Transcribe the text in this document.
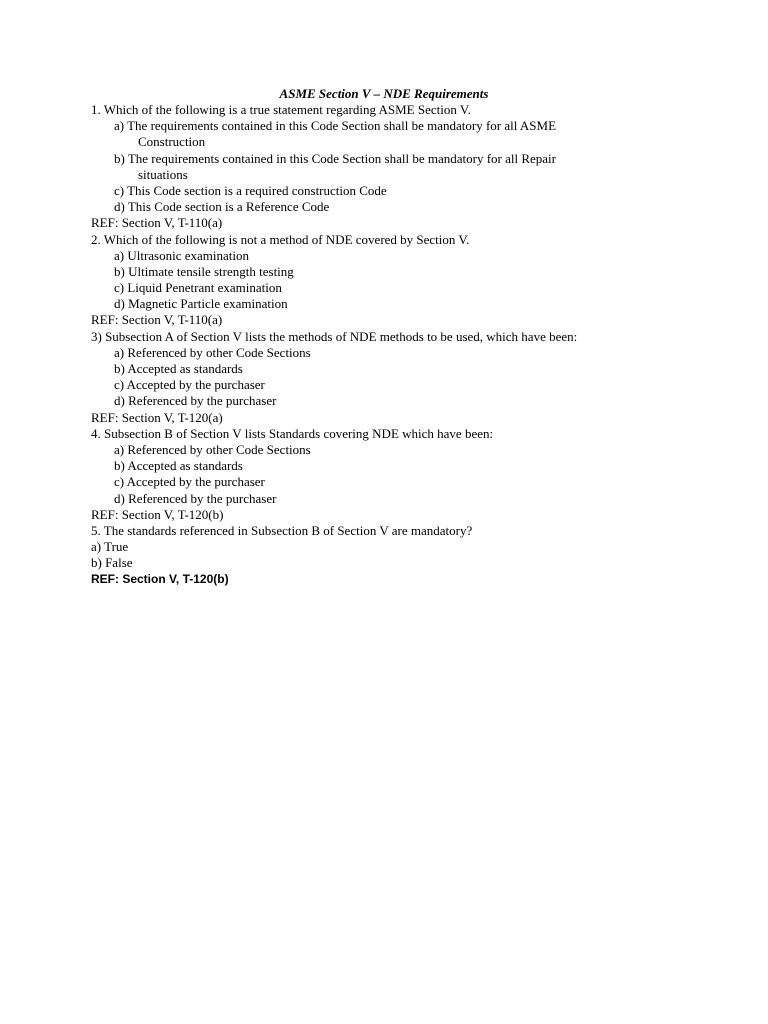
ASME Section V – NDE Requirements
1. Which of the following is a true statement regarding ASME Section V.
a) The requirements contained in this Code Section shall be mandatory for all ASME
Construction
b) The requirements contained in this Code Section shall be mandatory for all Repair
situations
c) This Code section is a required construction Code
d) This Code section is a Reference Code
REF: Section V, T-110(a)
2. Which of the following is not a method of NDE covered by Section V.
a) Ultrasonic examination
b) Ultimate tensile strength testing
c) Liquid Penetrant examination
d) Magnetic Particle examination
REF: Section V, T-110(a)
3) Subsection A of Section V lists the methods of NDE methods to be used, which have been:
a) Referenced by other Code Sections
b) Accepted as standards
c) Accepted by the purchaser
d) Referenced by the purchaser
REF: Section V, T-120(a)
4. Subsection B of Section V lists Standards covering NDE which have been:
a) Referenced by other Code Sections
b) Accepted as standards
c) Accepted by the purchaser
d) Referenced by the purchaser
REF: Section V, T-120(b)
5. The standards referenced in Subsection B of Section V are mandatory?
a) True
b) False
REF: Section V, T-120(b)
